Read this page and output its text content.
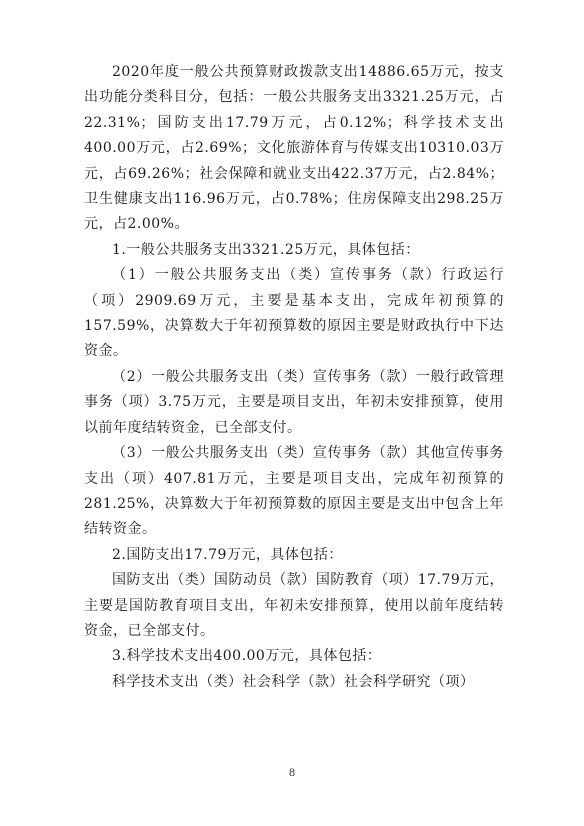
2020年度一般公共预算财政拨款支出14886.65万元，按支出功能分类科目分，包括：一般公共服务支出3321.25万元，占22.31%；国防支出17.79万元，占0.12%；科学技术支出400.00万元，占2.69%；文化旅游体育与传媒支出10310.03万元，占69.26%；社会保障和就业支出422.37万元，占2.84%；卫生健康支出116.96万元，占0.78%；住房保障支出298.25万元，占2.00%。

1.一般公共服务支出3321.25万元，具体包括：

（1）一般公共服务支出（类）宣传事务（款）行政运行（项）2909.69万元，主要是基本支出，完成年初预算的157.59%，决算数大于年初预算数的原因主要是财政执行中下达资金。

（2）一般公共服务支出（类）宣传事务（款）一般行政管理事务（项）3.75万元，主要是项目支出，年初未安排预算，使用以前年度结转资金，已全部支付。

（3）一般公共服务支出（类）宣传事务（款）其他宣传事务支出（项）407.81万元，主要是项目支出，完成年初预算的281.25%，决算数大于年初预算数的原因主要是支出中包含上年结转资金。

2.国防支出17.79万元，具体包括：

国防支出（类）国防动员（款）国防教育（项）17.79万元，主要是国防教育项目支出，年初未安排预算，使用以前年度结转资金，已全部支付。

3.科学技术支出400.00万元，具体包括：

科学技术支出（类）社会科学（款）社会科学研究（项）

8
